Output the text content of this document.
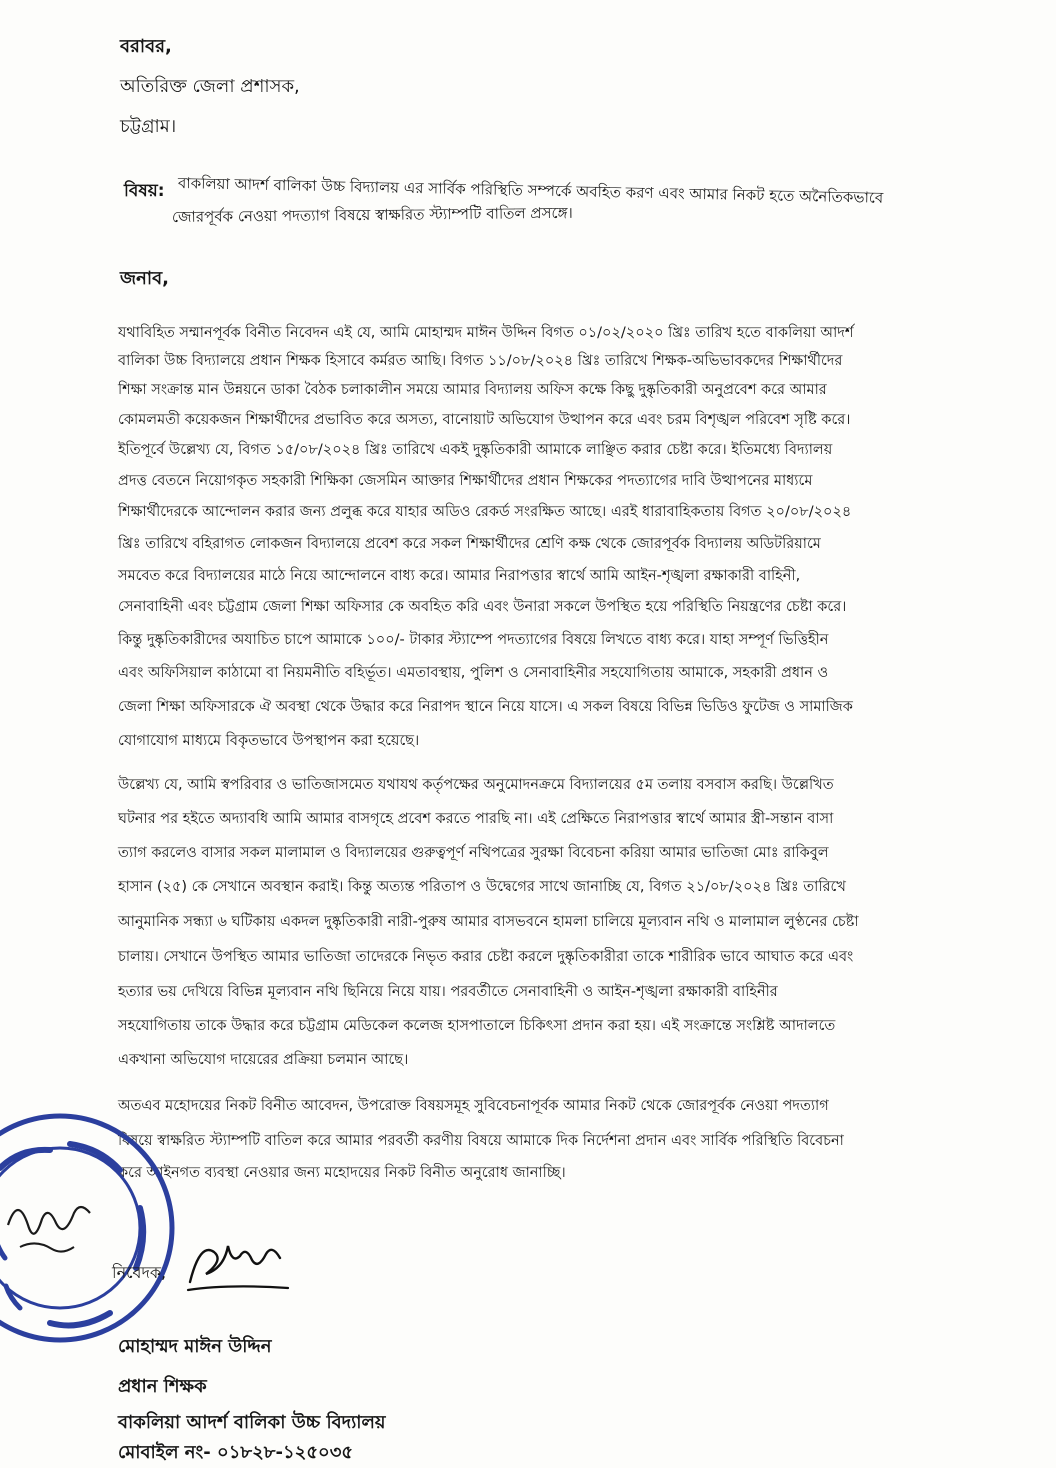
বরাবর,
অতিরিক্ত জেলা প্রশাসক,
চট্টগ্রাম।
বিষয়: বাকলিয়া আদর্শ বালিকা উচ্চ বিদ্যালয় এর সার্বিক পরিস্থিতি সম্পর্কে অবহিত করণ এবং আমার নিকট হতে অনৈতিকভাবে
জোরপূর্বক নেওয়া পদত্যাগ বিষয়ে স্বাক্ষরিত স্ট্যাম্পটি বাতিল প্রসঙ্গে।
জনাব,
যথাবিহিত সম্মানপূর্বক বিনীত নিবেদন এই যে, আমি মোহাম্মদ মাঈন উদ্দিন বিগত ০১/০২/২০২০ খ্রিঃ তারিখ হতে বাকলিয়া আদর্শ
বালিকা উচ্চ বিদ্যালয়ে প্রধান শিক্ষক হিসাবে কর্মরত আছি। বিগত ১১/০৮/২০২৪ খ্রিঃ তারিখে শিক্ষক-অভিভাবকদের শিক্ষার্থীদের
শিক্ষা সংক্রান্ত মান উন্নয়নে ডাকা বৈঠক চলাকালীন সময়ে আমার বিদ্যালয় অফিস কক্ষে কিছু দুষ্কৃতিকারী অনুপ্রবেশ করে আমার
কোমলমতী কয়েকজন শিক্ষার্থীদের প্রভাবিত করে অসত্য, বানোয়াট অভিযোগ উত্থাপন করে এবং চরম বিশৃঙ্খল পরিবেশ সৃষ্টি করে।
ইতিপূর্বে উল্লেখ্য যে, বিগত ১৫/০৮/২০২৪ খ্রিঃ তারিখে একই দুষ্কৃতিকারী আমাকে লাঞ্ছিত করার চেষ্টা করে। ইতিমধ্যে বিদ্যালয়
প্রদত্ত বেতনে নিয়োগকৃত সহকারী শিক্ষিকা জেসমিন আক্তার শিক্ষার্থীদের প্রধান শিক্ষকের পদত্যাগের দাবি উত্থাপনের মাধ্যমে
শিক্ষার্থীদেরকে আন্দোলন করার জন্য প্রলুব্ধ করে যাহার অডিও রেকর্ড সংরক্ষিত আছে। এরই ধারাবাহিকতায় বিগত ২০/০৮/২০২৪
খ্রিঃ তারিখে বহিরাগত লোকজন বিদ্যালয়ে প্রবেশ করে সকল শিক্ষার্থীদের শ্রেণি কক্ষ থেকে জোরপূর্বক বিদ্যালয় অডিটরিয়ামে
সমবেত করে বিদ্যালয়ের মাঠে নিয়ে আন্দোলনে বাধ্য করে। আমার নিরাপত্তার স্বার্থে আমি আইন-শৃঙ্খলা রক্ষাকারী বাহিনী,
সেনাবাহিনী এবং চট্টগ্রাম জেলা শিক্ষা অফিসার কে অবহিত করি এবং উনারা সকলে উপস্থিত হয়ে পরিস্থিতি নিয়ন্ত্রণের চেষ্টা করে।
কিন্তু দুষ্কৃতিকারীদের অযাচিত চাপে আমাকে ১০০/- টাকার স্ট্যাম্পে পদত্যাগের বিষয়ে লিখতে বাধ্য করে। যাহা সম্পূর্ণ ভিত্তিহীন
এবং অফিসিয়াল কাঠামো বা নিয়মনীতি বহির্ভূত। এমতাবস্থায়, পুলিশ ও সেনাবাহিনীর সহযোগিতায় আমাকে, সহকারী প্রধান ও
জেলা শিক্ষা অফিসারকে ঐ অবস্থা থেকে উদ্ধার করে নিরাপদ স্থানে নিয়ে যাসে। এ সকল বিষয়ে বিভিন্ন ভিডিও ফুটেজ ও সামাজিক
যোগাযোগ মাধ্যমে বিকৃতভাবে উপস্থাপন করা হয়েছে।
উল্লেখ্য যে, আমি স্বপরিবার ও ভাতিজাসমেত যথাযথ কর্তৃপক্ষের অনুমোদনক্রমে বিদ্যালয়ের ৫ম তলায় বসবাস করছি। উল্লেখিত
ঘটনার পর হইতে অদ্যাবধি আমি আমার বাসগৃহে প্রবেশ করতে পারছি না। এই প্রেক্ষিতে নিরাপত্তার স্বার্থে আমার স্ত্রী-সন্তান বাসা
ত্যাগ করলেও বাসার সকল মালামাল ও বিদ্যালয়ের গুরুত্বপূর্ণ নথিপত্রের সুরক্ষা বিবেচনা করিয়া আমার ভাতিজা মোঃ রাকিবুল
হাসান (২৫) কে সেখানে অবস্থান করাই। কিন্তু অত্যন্ত পরিতাপ ও উদ্বেগের সাথে জানাচ্ছি যে, বিগত ২১/০৮/২০২৪ খ্রিঃ তারিখে
আনুমানিক সন্ধ্যা ৬ ঘটিকায় একদল দুষ্কৃতিকারী নারী-পুরুষ আমার বাসভবনে হামলা চালিয়ে মূল্যবান নথি ও মালামাল লুণ্ঠনের চেষ্টা
চালায়। সেখানে উপস্থিত আমার ভাতিজা তাদেরকে নিভৃত করার চেষ্টা করলে দুষ্কৃতিকারীরা তাকে শারীরিক ভাবে আঘাত করে এবং
হত্যার ভয় দেখিয়ে বিভিন্ন মূল্যবান নথি ছিনিয়ে নিয়ে যায়। পরবর্তীতে সেনাবাহিনী ও আইন-শৃঙ্খলা রক্ষাকারী বাহিনীর
সহযোগিতায় তাকে উদ্ধার করে চট্টগ্রাম মেডিকেল কলেজ হাসপাতালে চিকিৎসা প্রদান করা হয়। এই সংক্রান্তে সংশ্লিষ্ট আদালতে
একখানা অভিযোগ দায়েরের প্রক্রিয়া চলমান আছে।
অতএব মহোদয়ের নিকট বিনীত আবেদন, উপরোক্ত বিষয়সমূহ সুবিবেচনাপূর্বক আমার নিকট থেকে জোরপূর্বক নেওয়া পদত্যাগ
বিষয়ে স্বাক্ষরিত স্ট্যাম্পটি বাতিল করে আমার পরবর্তী করণীয় বিষয়ে আমাকে দিক নির্দেশনা প্রদান এবং সার্বিক পরিস্থিতি বিবেচনা
করে আইনগত ব্যবস্থা নেওয়ার জন্য মহোদয়ের নিকট বিনীত অনুরোধ জানাচ্ছি।
নিবেদক,
মোহাম্মদ মাঈন উদ্দিন
প্রধান শিক্ষক
বাকলিয়া আদর্শ বালিকা উচ্চ বিদ্যালয়
মোবাইল নং- ০১৮২৮-১২৫০৩৫
